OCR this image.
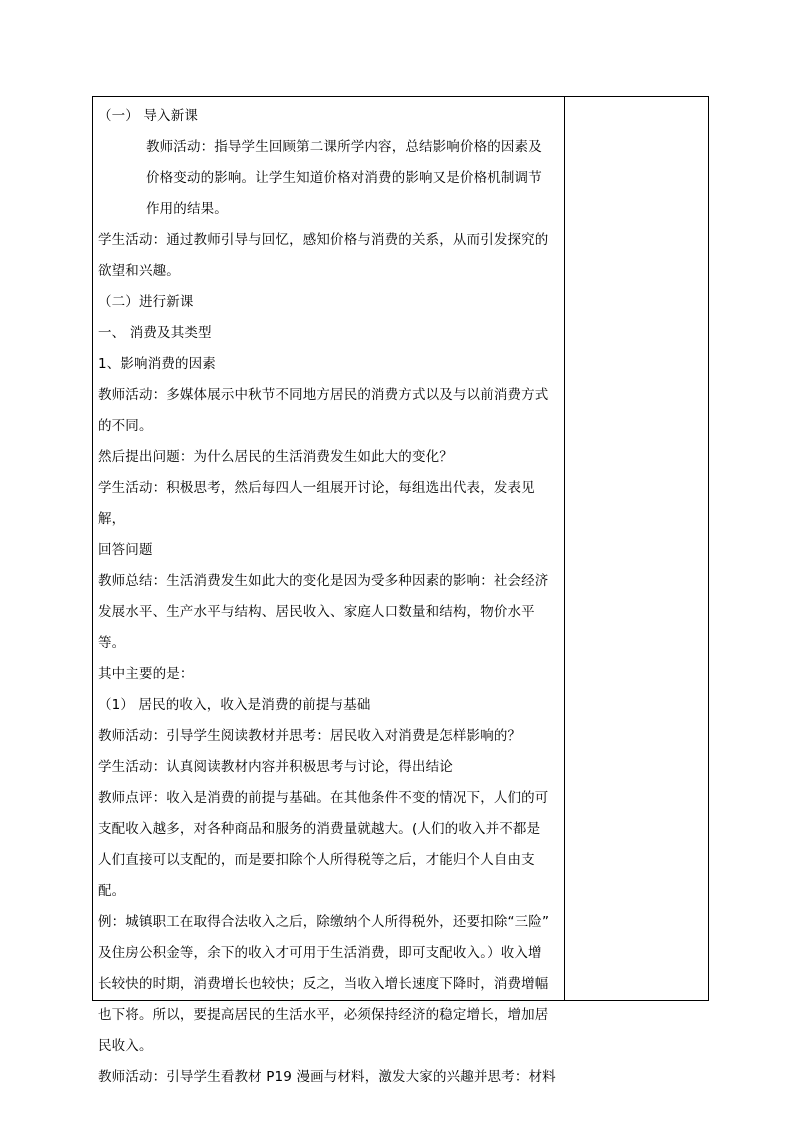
（一） 导入新课

教师活动：指导学生回顾第二课所学内容，总结影响价格的因素及

价格变动的影响。让学生知道价格对消费的影响又是价格机制调节

作用的结果。

学生活动：通过教师引导与回忆，感知价格与消费的关系，从而引发探究的

欲望和兴趣。

（二）进行新课

一、 消费及其类型

1、影响消费的因素

教师活动：多媒体展示中秋节不同地方居民的消费方式以及与以前消费方式

的不同。

然后提出问题：为什么居民的生活消费发生如此大的变化？

学生活动：积极思考，然后每四人一组展开讨论，每组选出代表，发表见解，

回答问题

教师总结：生活消费发生如此大的变化是因为受多种因素的影响：社会经济

发展水平、生产水平与结构、居民收入、家庭人口数量和结构，物价水平等。

其中主要的是：

（1） 居民的收入，收入是消费的前提与基础

教师活动：引导学生阅读教材并思考：居民收入对消费是怎样影响的？

学生活动：认真阅读教材内容并积极思考与讨论，得出结论

教师点评：收入是消费的前提与基础。在其他条件不变的情况下，人们的可

支配收入越多，对各种商品和服务的消费量就越大。(人们的收入并不都是

人们直接可以支配的，而是要扣除个人所得税等之后，才能归个人自由支配。

例：城镇职工在取得合法收入之后，除缴纳个人所得税外，还要扣除“三险”

及住房公积金等，余下的收入才可用于生活消费，即可支配收入。）收入增

长较快的时期，消费增长也较快；反之，当收入增长速度下降时，消费增幅

也下将。所以，要提高居民的生活水平，必须保持经济的稳定增长，增加居

民收入。

教师活动：引导学生看教材 P19 漫画与材料，激发大家的兴趣并思考：材料
